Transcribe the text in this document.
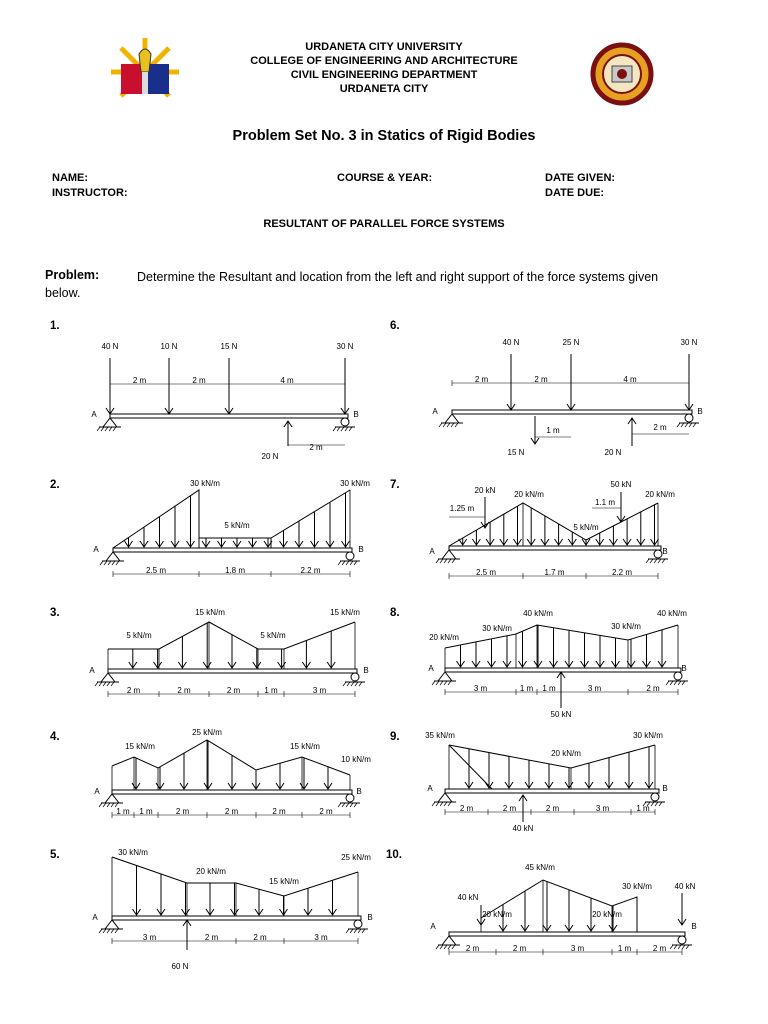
URDANETA CITY UNIVERSITY
COLLEGE OF ENGINEERING AND ARCHITECTURE
CIVIL ENGINEERING DEPARTMENT
URDANETA CITY
Problem Set No. 3 in Statics of Rigid Bodies
NAME:
INSTRUCTOR:
COURSE & YEAR:	DATE GIVEN:
DATE DUE:
RESULTANT OF PARALLEL FORCE SYSTEMS
Problem:	Determine the Resultant and location from the left and right support of the force systems given
below.
1.
2.
3.
4.
5.
6.
7.
8.
9.
10.
40 N	10 N	15 N	30 N
2 m	2 m	4 m
A	B
2 m
20 N
30 kN/m	30 kN/m
5 kN/m
A	B
2.5 m	1.8 m	2.2 m
15 kN/m	15 kN/m
5 kN/m	5 kN/m
A	B
2 m	2 m	2 m	1 m	3 m
25 kN/m
15 kN/m	15 kN/m
10 kN/m
A	B
1 m 1 m	2 m	2 m	2 m	2 m
30 kN/m
25 kN/m
20 kN/m
15 kN/m
A	B
3 m	2 m	2 m	3 m
60 N
40 N	25 N	30 N
2 m	2 m	4 m
A	B
1 m
15 N
2 m
20 N
50 kN
20 kN 20 kN/m	20 kN/m
1.1 m
1.25 m
5 kN/m
A	B
2.5 m	1.7 m	2.2 m
40 kN/m	40 kN/m
30 kN/m	30 kN/m
20 kN/m
A	B
3 m	1 m 1 m	3 m	2 m
50 kN
35 kN/m	30 kN/m
20 kN/m
A	B
2 m	2 m	2 m	3 m	1 m
40 kN
45 kN/m
30 kN/m
40 kN
40 kN
20 kN/m	20 kN/m
A	B
2 m	2 m	3 m	1 m	2 m
